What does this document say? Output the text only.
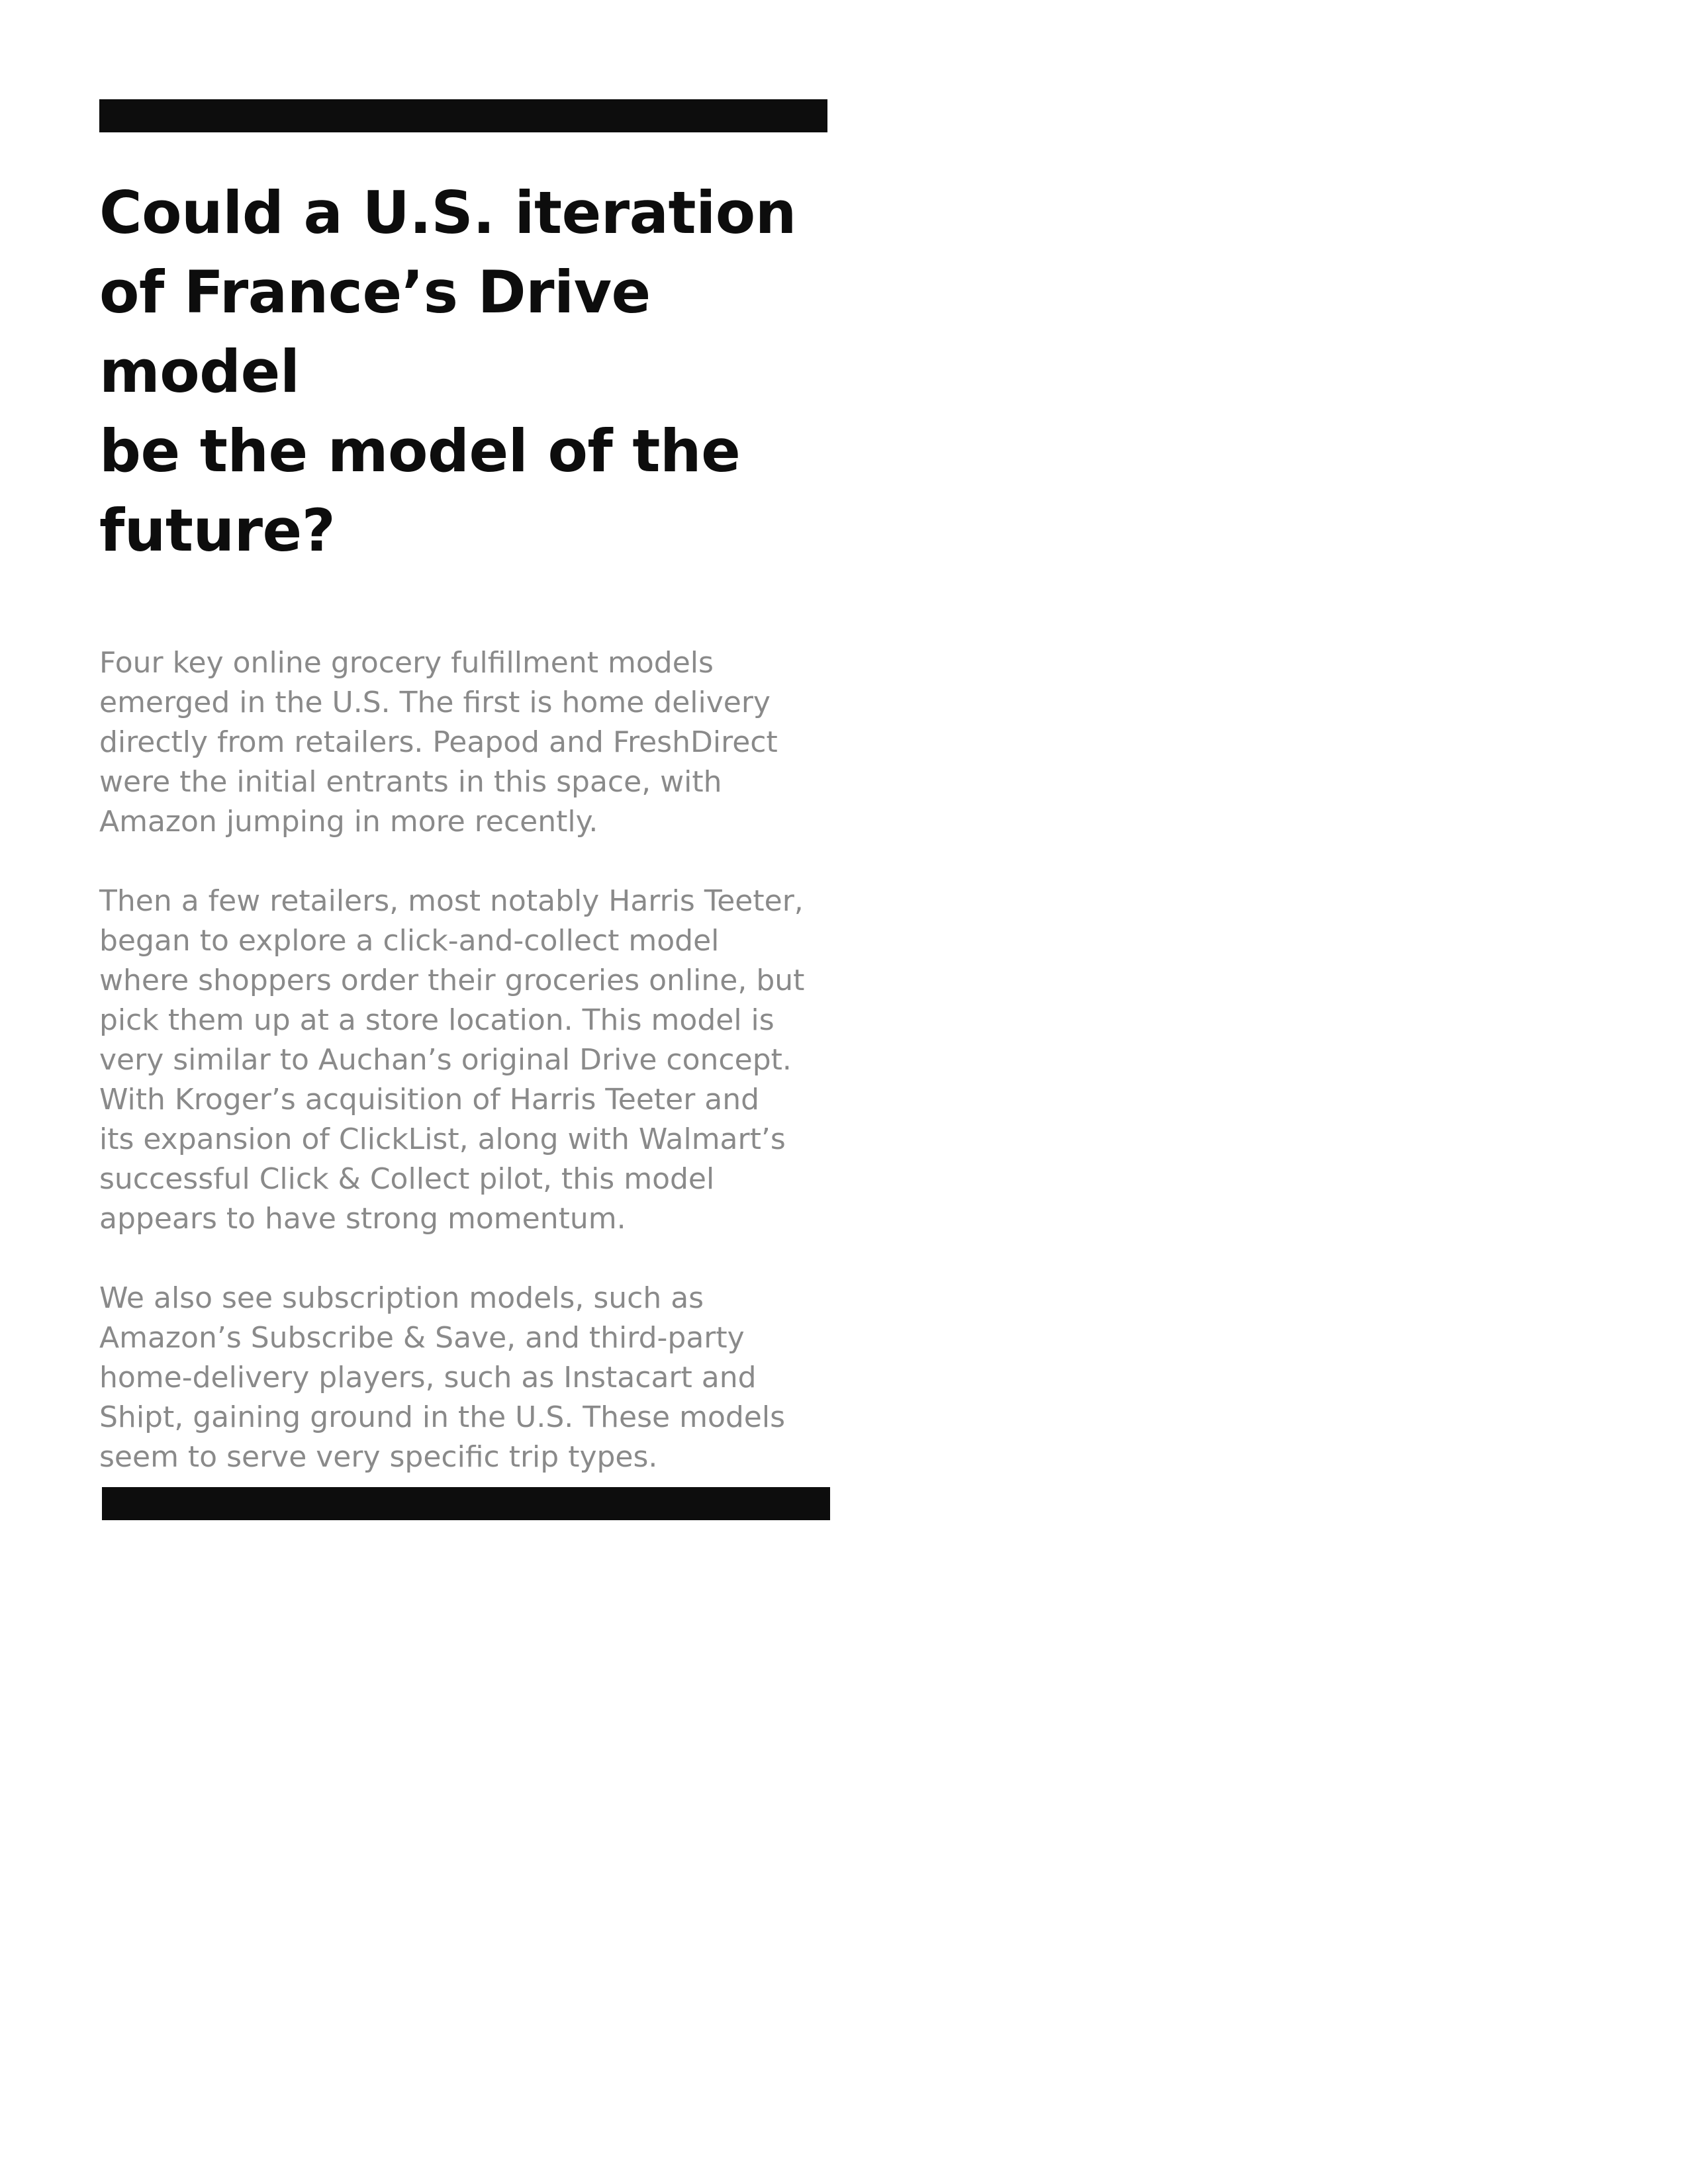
Could a U.S. iteration
of France’s Drive model
be the model of the
future?

Four key online grocery fulfillment models
emerged in the U.S. The first is home delivery
directly from retailers. Peapod and FreshDirect
were the initial entrants in this space, with
Amazon jumping in more recently.

Then a few retailers, most notably Harris Teeter,
began to explore a click-and-collect model
where shoppers order their groceries online, but
pick them up at a store location. This model is
very similar to Auchan’s original Drive concept.
With Kroger’s acquisition of Harris Teeter and
its expansion of ClickList, along with Walmart’s
successful Click & Collect pilot, this model
appears to have strong momentum.

We also see subscription models, such as
Amazon’s Subscribe & Save, and third-party
home-delivery players, such as Instacart and
Shipt, gaining ground in the U.S. These models
seem to serve very specific trip types.
